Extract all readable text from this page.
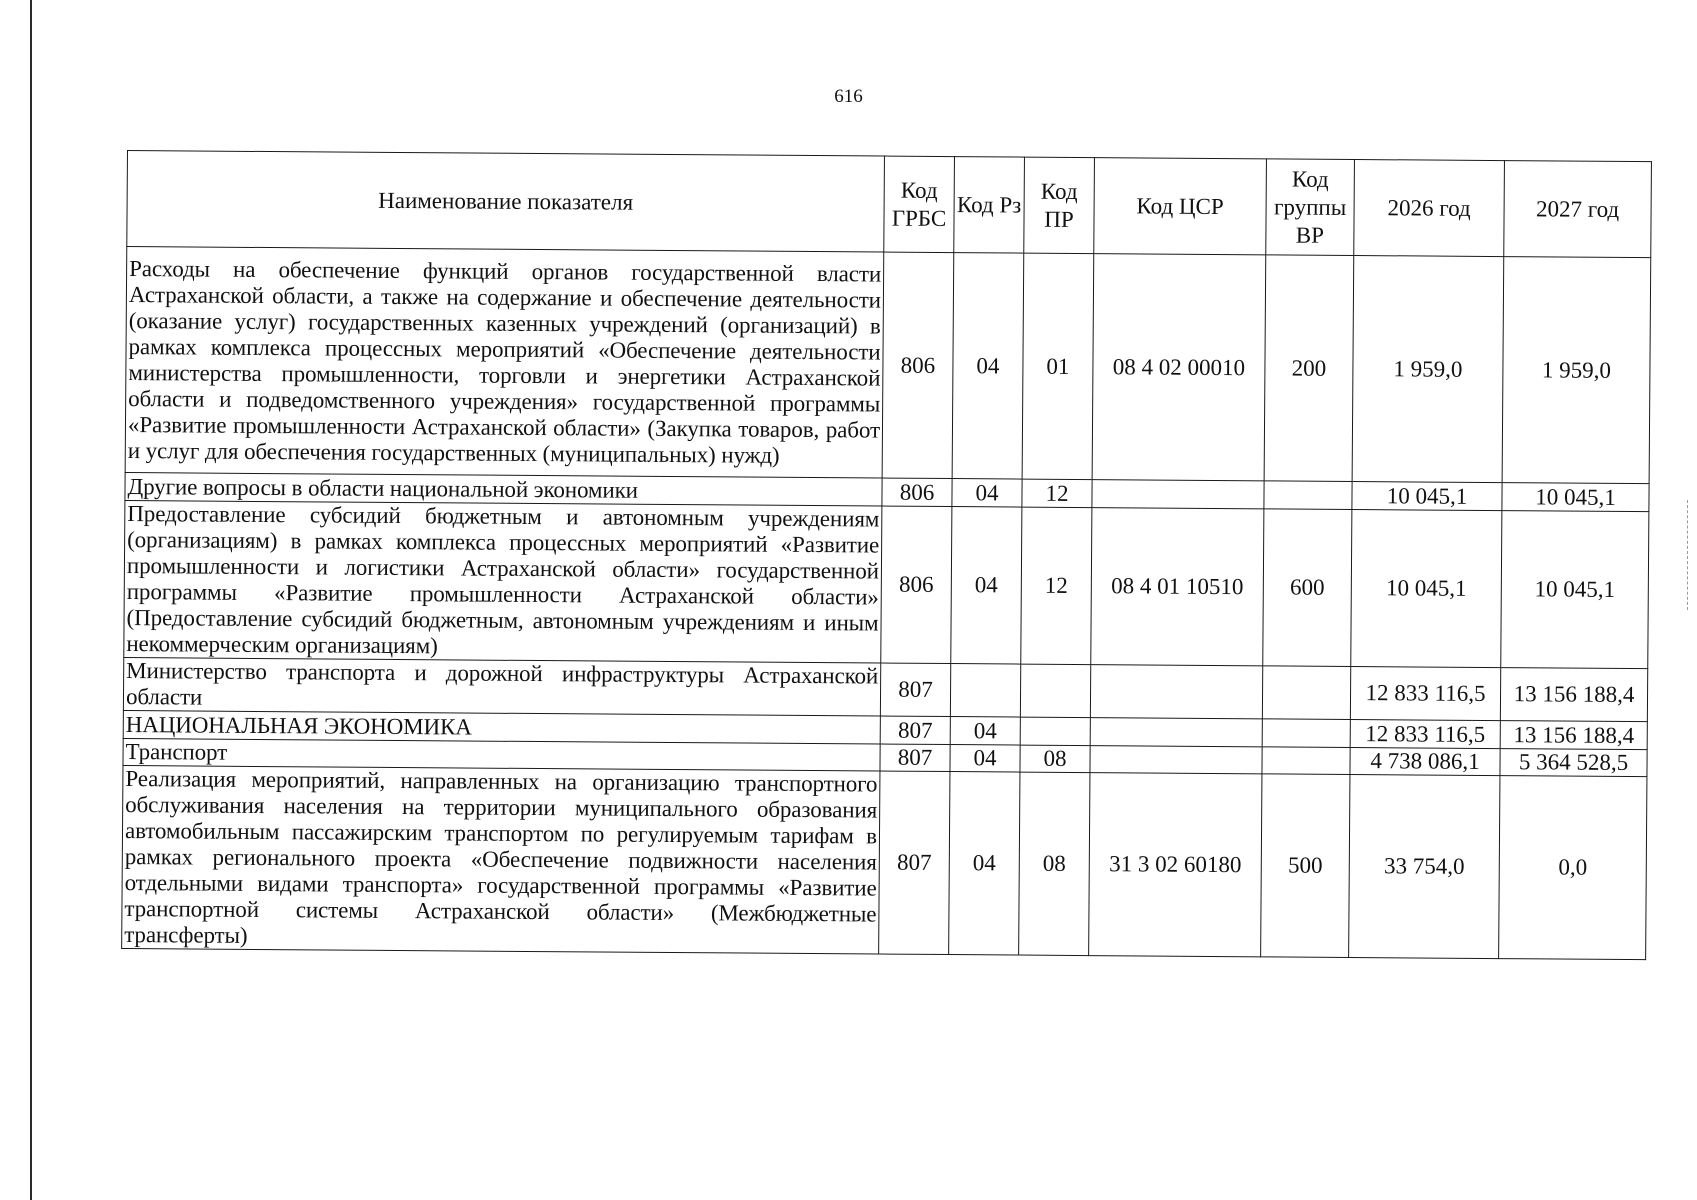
616
Наименование показателя	Код ГРБС	Код Рз	Код ПР	Код ЦСР	Код группы ВР	2026 год	2027 год
Расходы на обеспечение функций органов государственной власти Астраханской области, а также на содержание и обеспечение деятельности (оказание услуг) государственных казенных учреждений (организаций) в рамках комплекса процессных мероприятий «Обеспечение деятельности министерства промышленности, торговли и энергетики Астраханской области и подведомственного учреждения» государственной программы «Развитие промышленности Астраханской области» (Закупка товаров, работ и услуг для обеспечения государственных (муниципальных) нужд)	806	04	01	08 4 02 00010	200	1 959,0	1 959,0
Другие вопросы в области национальной экономики	806	04	12			10 045,1	10 045,1
Предоставление субсидий бюджетным и автономным учреждениям (организациям) в рамках комплекса процессных мероприятий «Развитие промышленности и логистики Астраханской области» государственной программы «Развитие промышленности Астраханской области» (Предоставление субсидий бюджетным, автономным учреждениям и иным некоммерческим организациям)	806	04	12	08 4 01 10510	600	10 045,1	10 045,1
Министерство транспорта и дорожной инфраструктуры Астраханской области	807					12 833 116,5	13 156 188,4
НАЦИОНАЛЬНАЯ ЭКОНОМИКА	807	04				12 833 116,5	13 156 188,4
Транспорт	807	04	08			4 738 086,1	5 364 528,5
Реализация мероприятий, направленных на организацию транспортного обслуживания населения на территории муниципального образования автомобильным пассажирским транспортом по регулируемым тарифам в рамках регионального проекта «Обеспечение подвижности населения отдельными видами транспорта» государственной программы «Развитие транспортной системы Астраханской области» (Межбюджетные трансферты)	807	04	08	31 3 02 60180	500	33 754,0	0,0
